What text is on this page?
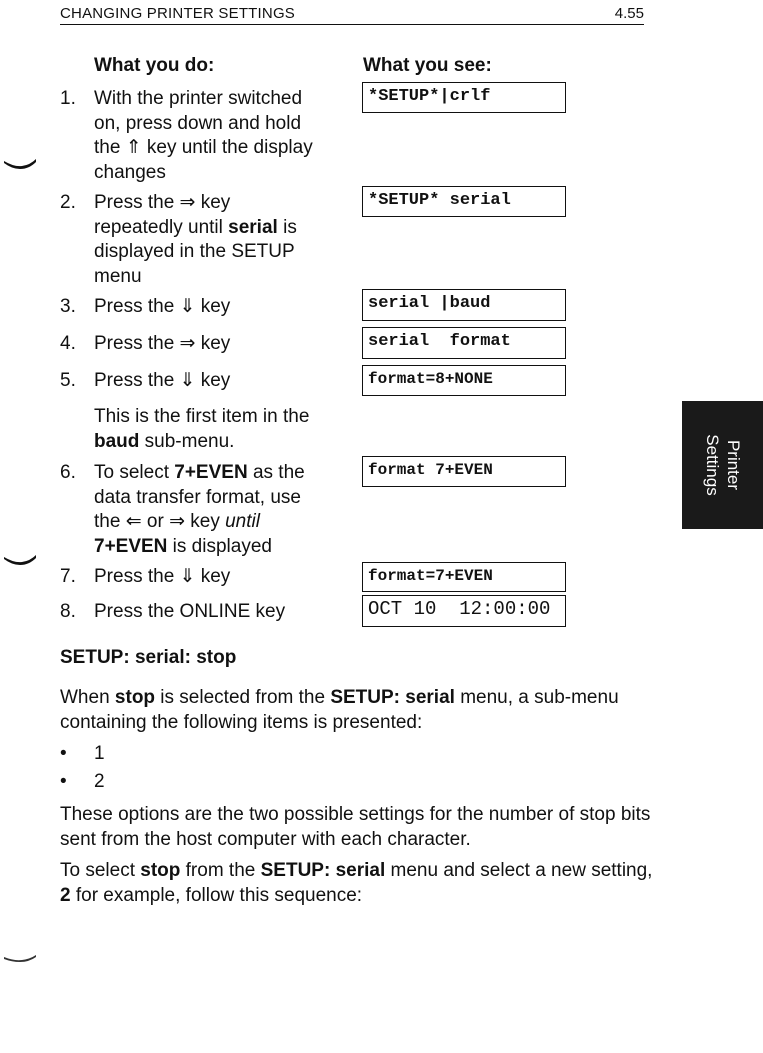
CHANGING PRINTER SETTINGS	4.55
What you do:	What you see:
1. With the printer switched on, press down and hold the ⇑ key until the display changes
2. Press the ⇒ key repeatedly until serial is displayed in the SETUP menu
3. Press the ⇓ key
4. Press the ⇒ key
5. Press the ⇓ key
This is the first item in the baud sub-menu.
6. To select 7+EVEN as the data transfer format, use the ⇐ or ⇒ key until
7+EVEN is displayed
7. Press the ⇓ key
8. Press the ONLINE key
*SETUP*|crlf
*SETUP* serial
serial |baud
serial  format
format=8+NONE
format 7+EVEN
format=7+EVEN
OCT 10  12:00:00
Printer
Settings
SETUP: serial: stop
When stop is selected from the SETUP: serial menu, a sub-menu containing the following items is presented:
• 1
• 2
These options are the two possible settings for the number of stop bits sent from the host computer with each character.
To select stop from the SETUP: serial menu and select a new setting, 2 for example, follow this sequence:
